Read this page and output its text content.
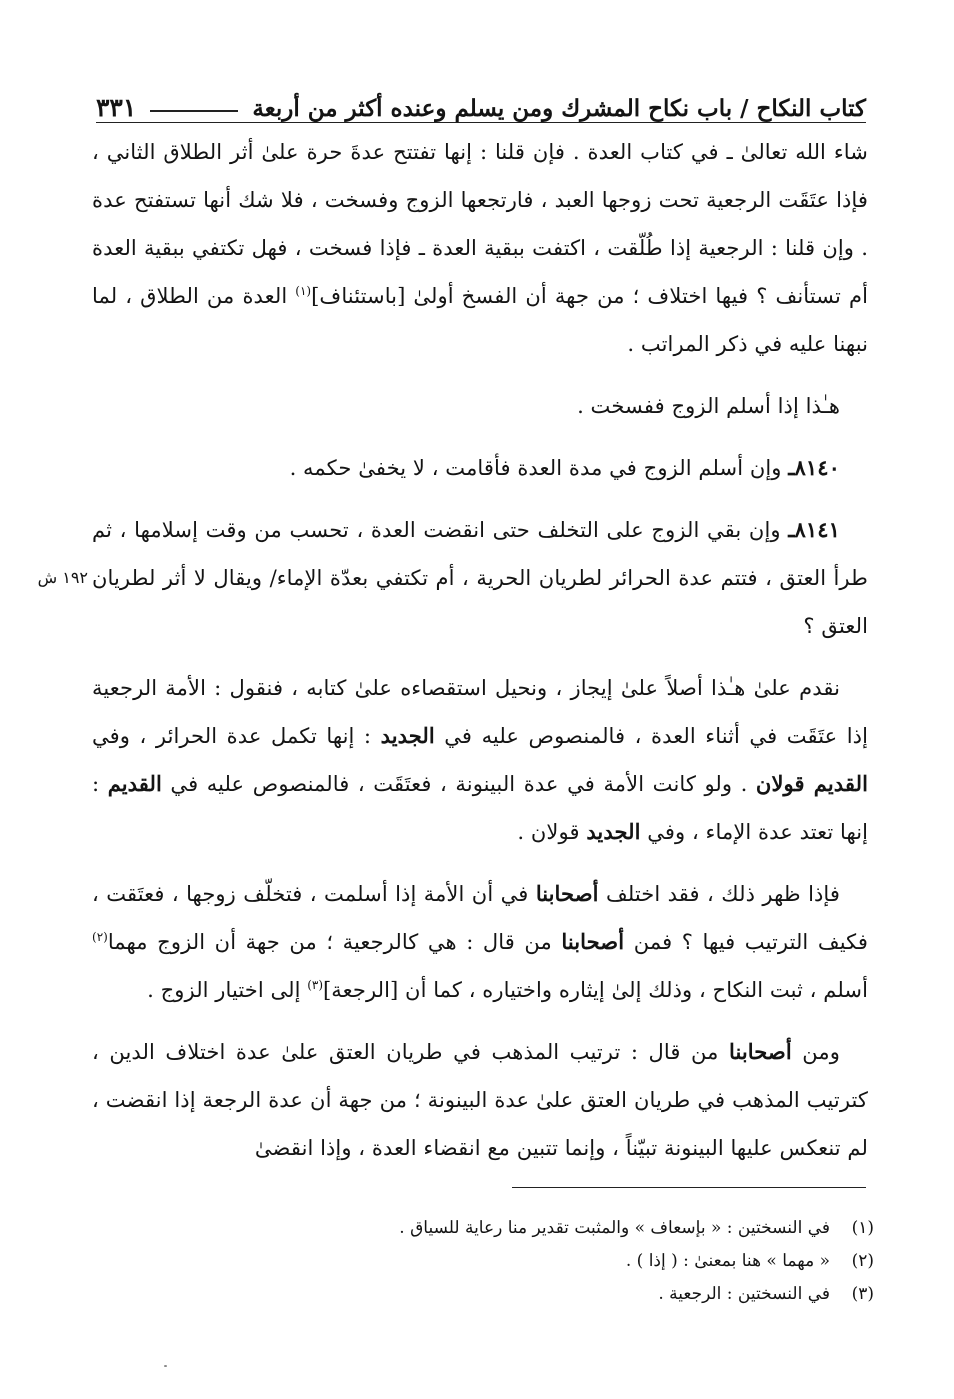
كتاب النكاح / باب نكاح المشرك ومن يسلم وعنده أكثر من أربعة
٣٣١
١٩٢ ش

شاء الله تعالىٰ ـ في كتاب العدة . فإن قلنا : إنها تفتتح عدةَ حرة علىٰ أثر الطلاق الثاني ، فإذا عتَقَت الرجعية تحت زوجها العبد ، فارتجعها الزوج وفسخت ، فلا شك أنها تستفتح عدة . وإن قلنا : الرجعية إذا طُلّقت ، اكتفت ببقية العدة ـ فإذا فسخت ، فهل تكتفي ببقية العدة أم تستأنف ؟ فيها اختلاف ؛ من جهة أن الفسخ أولىٰ [باستئناف]$^{(١)}$ العدة من الطلاق ، لما نبهنا عليه في ذكر المراتب .

هـٰذا إذا أسلم الزوج ففسخت .

٨١٤٠ـ وإن أسلم الزوج في مدة العدة فأقامت ، لا يخفىٰ حكمه .

٨١٤١ـ وإن بقي الزوج على التخلف حتى انقضت العدة ، تحسب من وقت إسلامها ، ثم طرأ العتق ، فتتم عدة الحرائر لطريان الحرية ، أم تكتفي بعدّة الإماء/ ويقال لا أثر لطريان العتق ؟

نقدم علىٰ هـٰذا أصلاً علىٰ إيجاز ، ونحيل استقصاءه علىٰ كتابه ، فنقول : الأمة الرجعية إذا عتَقَت في أثناء العدة ، فالمنصوص عليه في الجديد : إنها تكمل عدة الحرائر ، وفي القديم قولان . ولو كانت الأمة في عدة البينونة ، فعتَقَت ، فالمنصوص عليه في القديم : إنها تعتد عدة الإماء ، وفي الجديد قولان .

فإذا ظهر ذلك ، فقد اختلف أصحابنا في أن الأمة إذا أسلمت ، فتخلّف زوجها ، فعتَقت ، فكيف الترتيب فيها ؟ فمن أصحابنا من قال : هي كالرجعية ؛ من جهة أن الزوج مهما$^{(٢)}$ أسلم ، ثبت النكاح ، وذلك إلىٰ إيثاره واختياره ، كما أن [الرجعة]$^{(٣)}$ إلى اختيار الزوج .

ومن أصحابنا من قال : ترتيب المذهب في طريان العتق علىٰ عدة اختلاف الدين ، كترتيب المذهب في طريان العتق علىٰ عدة البينونة ؛ من جهة أن عدة الرجعة إذا انقضت ، لم تنعكس عليها البينونة تبيّناً ، وإنما تتبين مع انقضاء العدة ، وإذا انقضىٰ

(١)
في النسختين : « بإسعاف » والمثبت تقدير منا رعاية للسياق .
(٢)
« مهما » هنا بمعنىٰ : ( إذا ) .
(٣)
في النسختين : الرجعية .
